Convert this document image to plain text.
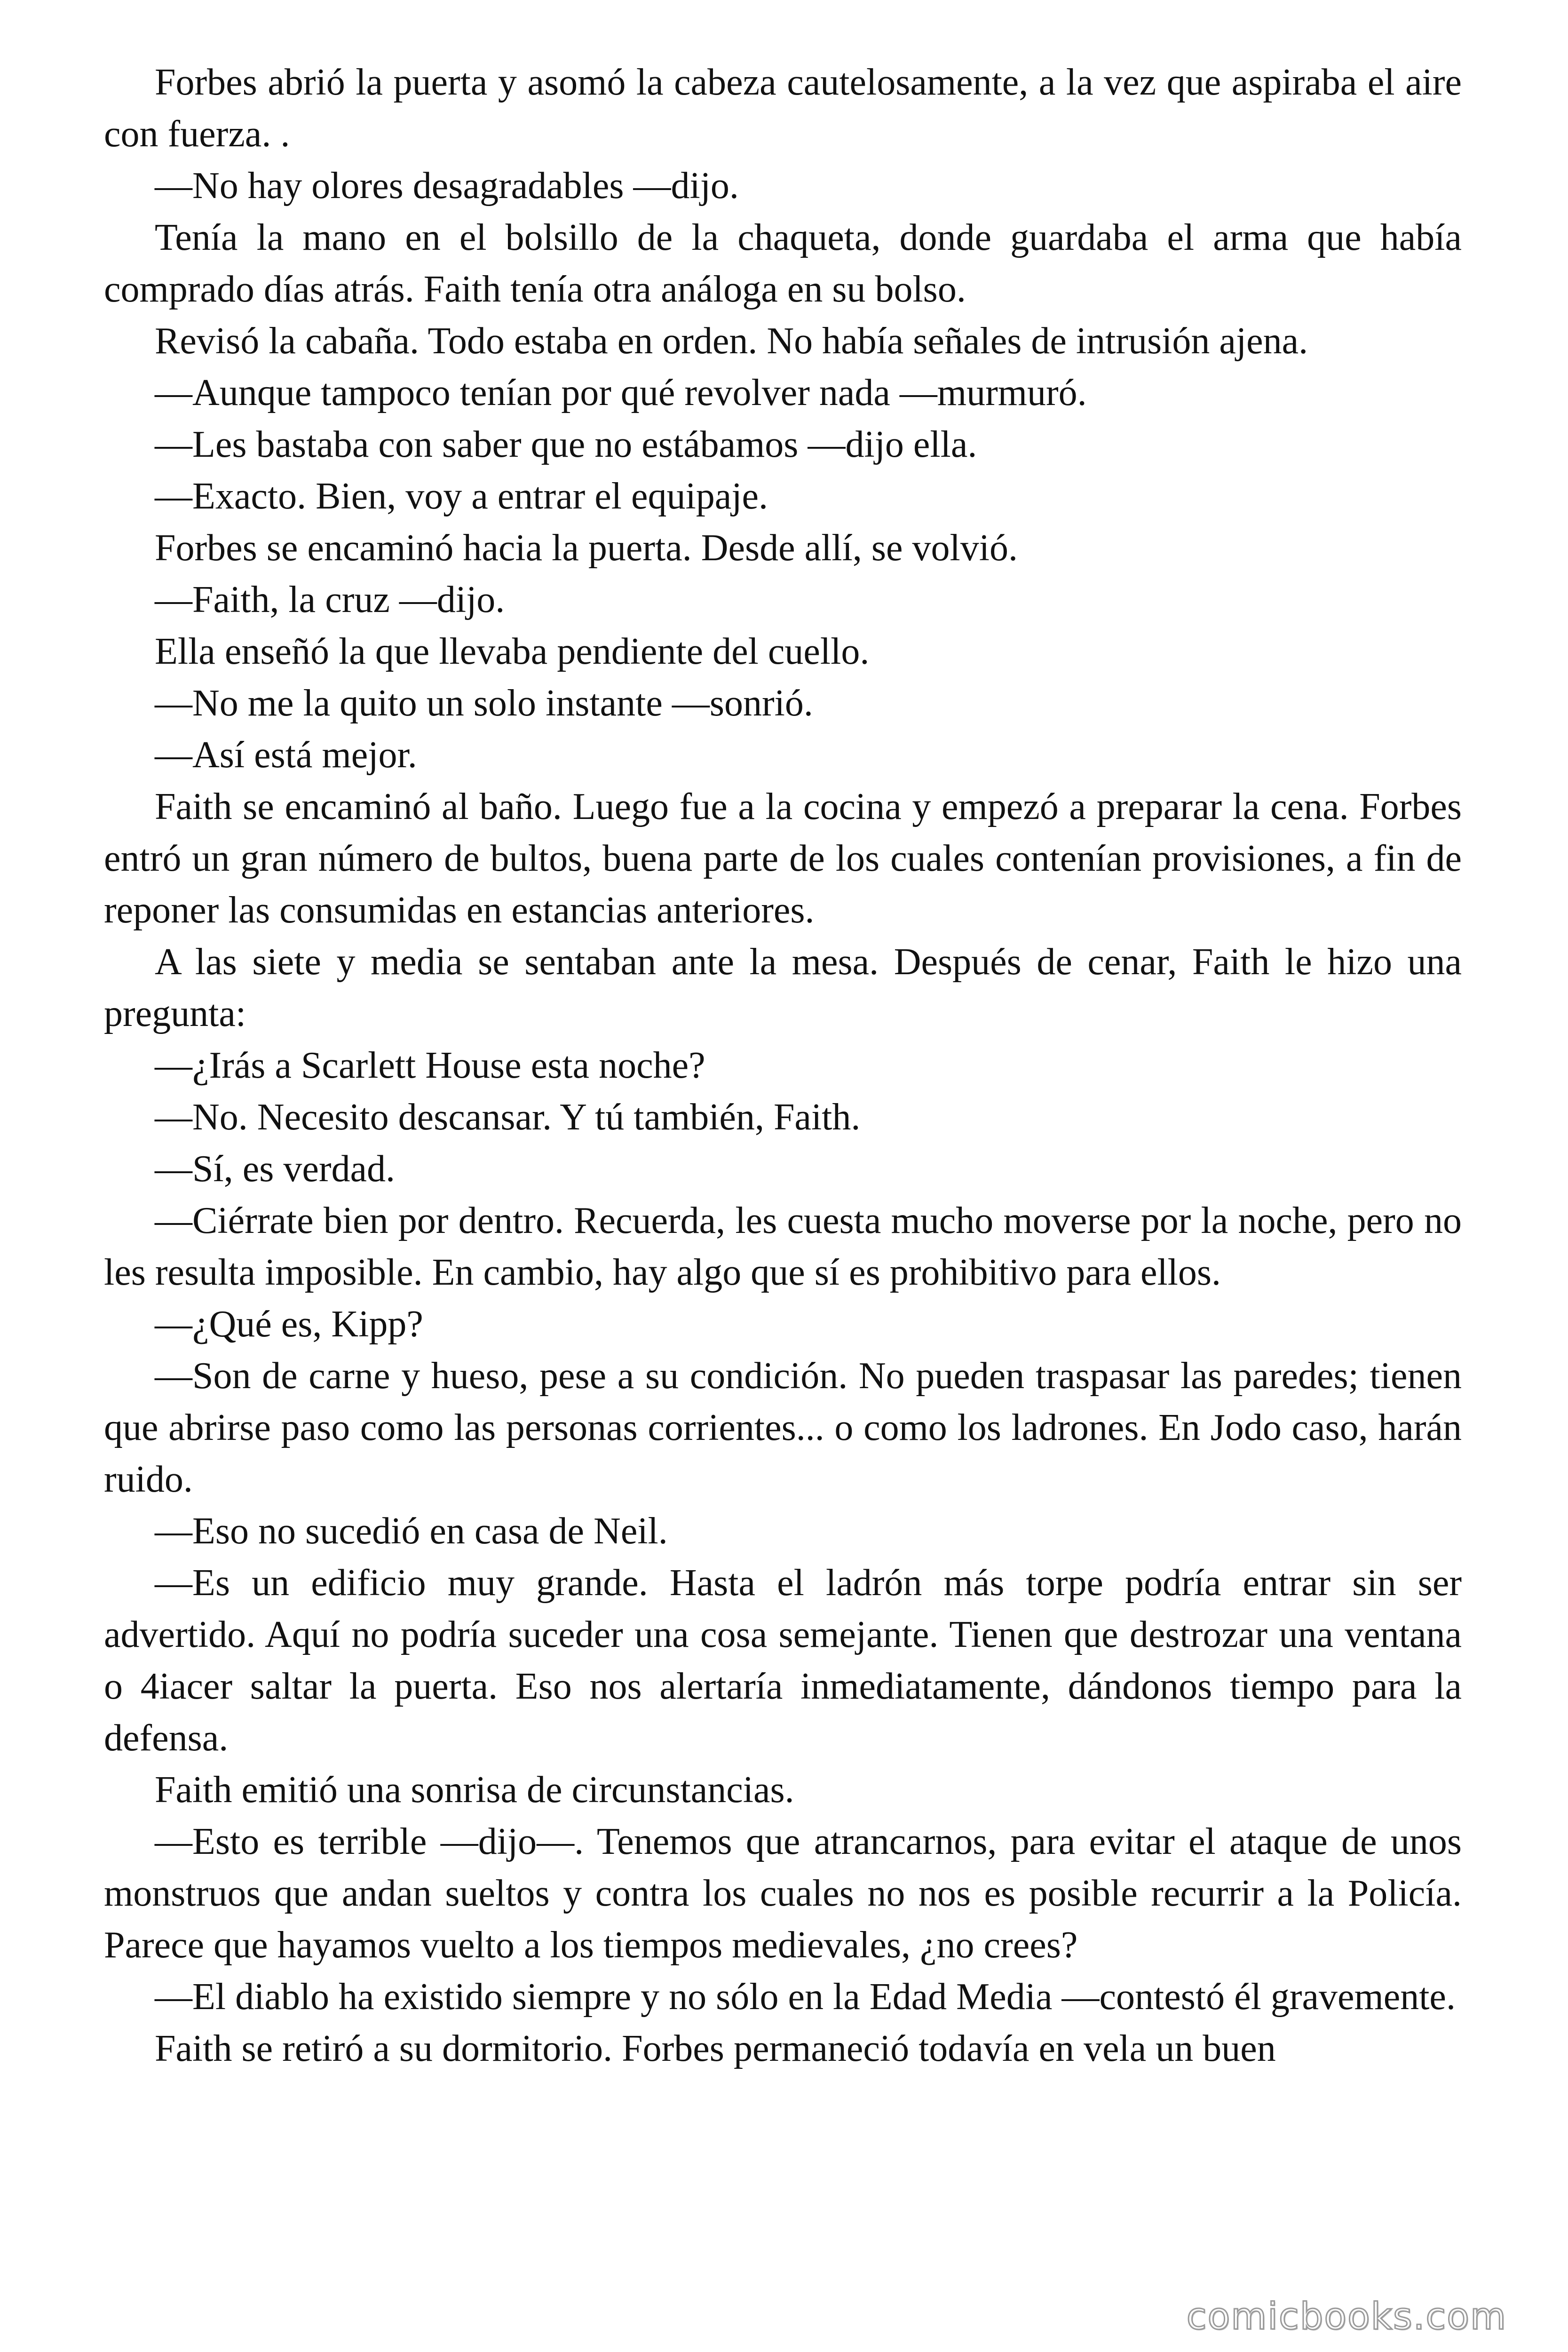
Forbes abrió la puerta y asomó la cabeza cautelosamente, a la vez que aspiraba el aire con fuerza. .

—No hay olores desagradables —dijo.

Tenía la mano en el bolsillo de la chaqueta, donde guardaba el arma que había comprado días atrás. Faith tenía otra análoga en su bolso.

Revisó la cabaña. Todo estaba en orden. No había señales de intrusión ajena.

—Aunque tampoco tenían por qué revolver nada —murmuró.

—Les bastaba con saber que no estábamos —dijo ella.

—Exacto. Bien, voy a entrar el equipaje.

Forbes se encaminó hacia la puerta. Desde allí, se volvió.

—Faith, la cruz —dijo.

Ella enseñó la que llevaba pendiente del cuello.

—No me la quito un solo instante —sonrió.

—Así está mejor.

Faith se encaminó al baño. Luego fue a la cocina y empezó a preparar la cena. Forbes entró un gran número de bultos, buena parte de los cuales contenían provisiones, a fin de reponer las consumidas en estancias anteriores.

A las siete y media se sentaban ante la mesa. Después de cenar, Faith le hizo una pregunta:

—¿Irás a Scarlett House esta noche?

—No. Necesito descansar. Y tú también, Faith.

—Sí, es verdad.

—Ciérrate bien por dentro. Recuerda, les cuesta mucho moverse por la noche, pero no les resulta imposible. En cambio, hay algo que sí es prohibitivo para ellos.

—¿Qué es, Kipp?

—Son de carne y hueso, pese a su condición. No pueden traspasar las paredes; tienen que abrirse paso como las personas corrientes... o como los ladrones. En Jodo caso, harán ruido.

—Eso no sucedió en casa de Neil.

—Es un edificio muy grande. Hasta el ladrón más torpe podría entrar sin ser advertido. Aquí no podría suceder una cosa semejante. Tienen que destrozar una ventana o 4iacer saltar la puerta. Eso nos alertaría inmediatamente, dándonos tiempo para la defensa.

Faith emitió una sonrisa de circunstancias.

—Esto es terrible —dijo—. Tenemos que atrancarnos, para evitar el ataque de unos monstruos que andan sueltos y contra los cuales no nos es posible recurrir a la Policía. Parece que hayamos vuelto a los tiempos medievales, ¿no crees?

—El diablo ha existido siempre y no sólo en la Edad Media —contestó él gravemente.

Faith se retiró a su dormitorio. Forbes permaneció todavía en vela un buen

comicbooks.com
